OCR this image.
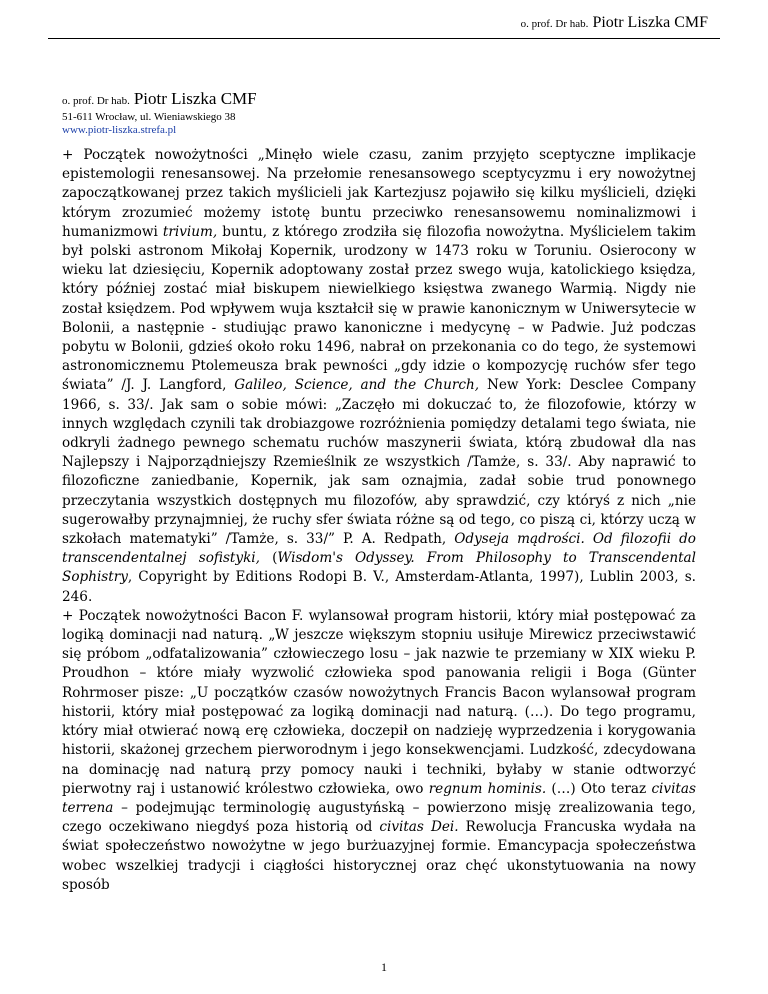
o. prof. Dr hab. Piotr Liszka CMF
o. prof. Dr hab. Piotr Liszka CMF
51-611 Wrocław, ul. Wieniawskiego 38
www.piotr-liszka.strefa.pl

+ Początek nowożytności „Minęło wiele czasu, zanim przyjęto sceptyczne implikacje epistemologii renesansowej. Na przełomie renesansowego sceptycyzmu i ery nowożytnej zapoczątkowanej przez takich myślicieli jak Kartezjusz pojawiło się kilku myślicieli, dzięki którym zrozumieć możemy istotę buntu przeciwko renesansowemu nominalizmowi i humanizmowi trivium, buntu, z którego zrodziła się filozofia nowożytna. Myślicielem takim był polski astronom Mikołaj Kopernik, urodzony w 1473 roku w Toruniu. Osierocony w wieku lat dziesięciu, Kopernik adoptowany został przez swego wuja, katolickiego księdza, który później zostać miał biskupem niewielkiego księstwa zwanego Warmią. Nigdy nie został księdzem. Pod wpływem wuja kształcił się w prawie kanonicznym w Uniwersytecie w Bolonii, a następnie - studiując prawo kanoniczne i medycynę – w Padwie. Już podczas pobytu w Bolonii, gdzieś około roku 1496, nabrał on przekonania co do tego, że systemowi astronomicznemu Ptolemeusza brak pewności „gdy idzie o kompozycję ruchów sfer tego świata” /J. J. Langford, Galileo, Science, and the Church, New York: Desclee Company 1966, s. 33/. Jak sam o sobie mówi: „Zaczęło mi dokuczać to, że filozofowie, którzy w innych względach czynili tak drobiazgowe rozróżnienia pomiędzy detalami tego świata, nie odkryli żadnego pewnego schematu ruchów maszynerii świata, którą zbudował dla nas Najlepszy i Najporządniejszy Rzemieślnik ze wszystkich /Tamże, s. 33/. Aby naprawić to filozoficzne zaniedbanie, Kopernik, jak sam oznajmia, zadał sobie trud ponownego przeczytania wszystkich dostępnych mu filozofów, aby sprawdzić, czy któryś z nich „nie sugerowałby przynajmniej, że ruchy sfer świata różne są od tego, co piszą ci, którzy uczą w szkołach matematyki” /Tamże, s. 33/” P. A. Redpath, Odyseja mądrości. Od filozofii do transcendentalnej sofistyki, (Wisdom's Odyssey. From Philosophy to Transcendental Sophistry, Copyright by Editions Rodopi B. V., Amsterdam-Atlanta, 1997), Lublin 2003, s. 246.

+ Początek nowożytności Bacon F. wylansował program historii, który miał postępować za logiką dominacji nad naturą. „W jeszcze większym stopniu usiłuje Mirewicz przeciwstawić się próbom „odfatalizowania” człowieczego losu – jak nazwie te przemiany w XIX wieku P. Proudhon – które miały wyzwolić człowieka spod panowania religii i Boga (Günter Rohrmoser pisze: „U początków czasów nowożytnych Francis Bacon wylansował program historii, który miał postępować za logiką dominacji nad naturą. (…). Do tego programu, który miał otwierać nową erę człowieka, doczepił on nadzieję wyprzedzenia i korygowania historii, skażonej grzechem pierworodnym i jego konsekwencjami. Ludzkość, zdecydowana na dominację nad naturą przy pomocy nauki i techniki, byłaby w stanie odtworzyć pierwotny raj i ustanowić królestwo człowieka, owo regnum hominis. (…) Oto teraz civitas terrena – podejmując terminologię augustyńską – powierzono misję zrealizowania tego, czego oczekiwano niegdyś poza historią od civitas Dei. Rewolucja Francuska wydała na świat społeczeństwo nowożytne w jego burżuazyjnej formie. Emancypacja społeczeństwa wobec wszelkiej tradycji i ciągłości historycznej oraz chęć ukonstytuowania na nowy sposób

1
